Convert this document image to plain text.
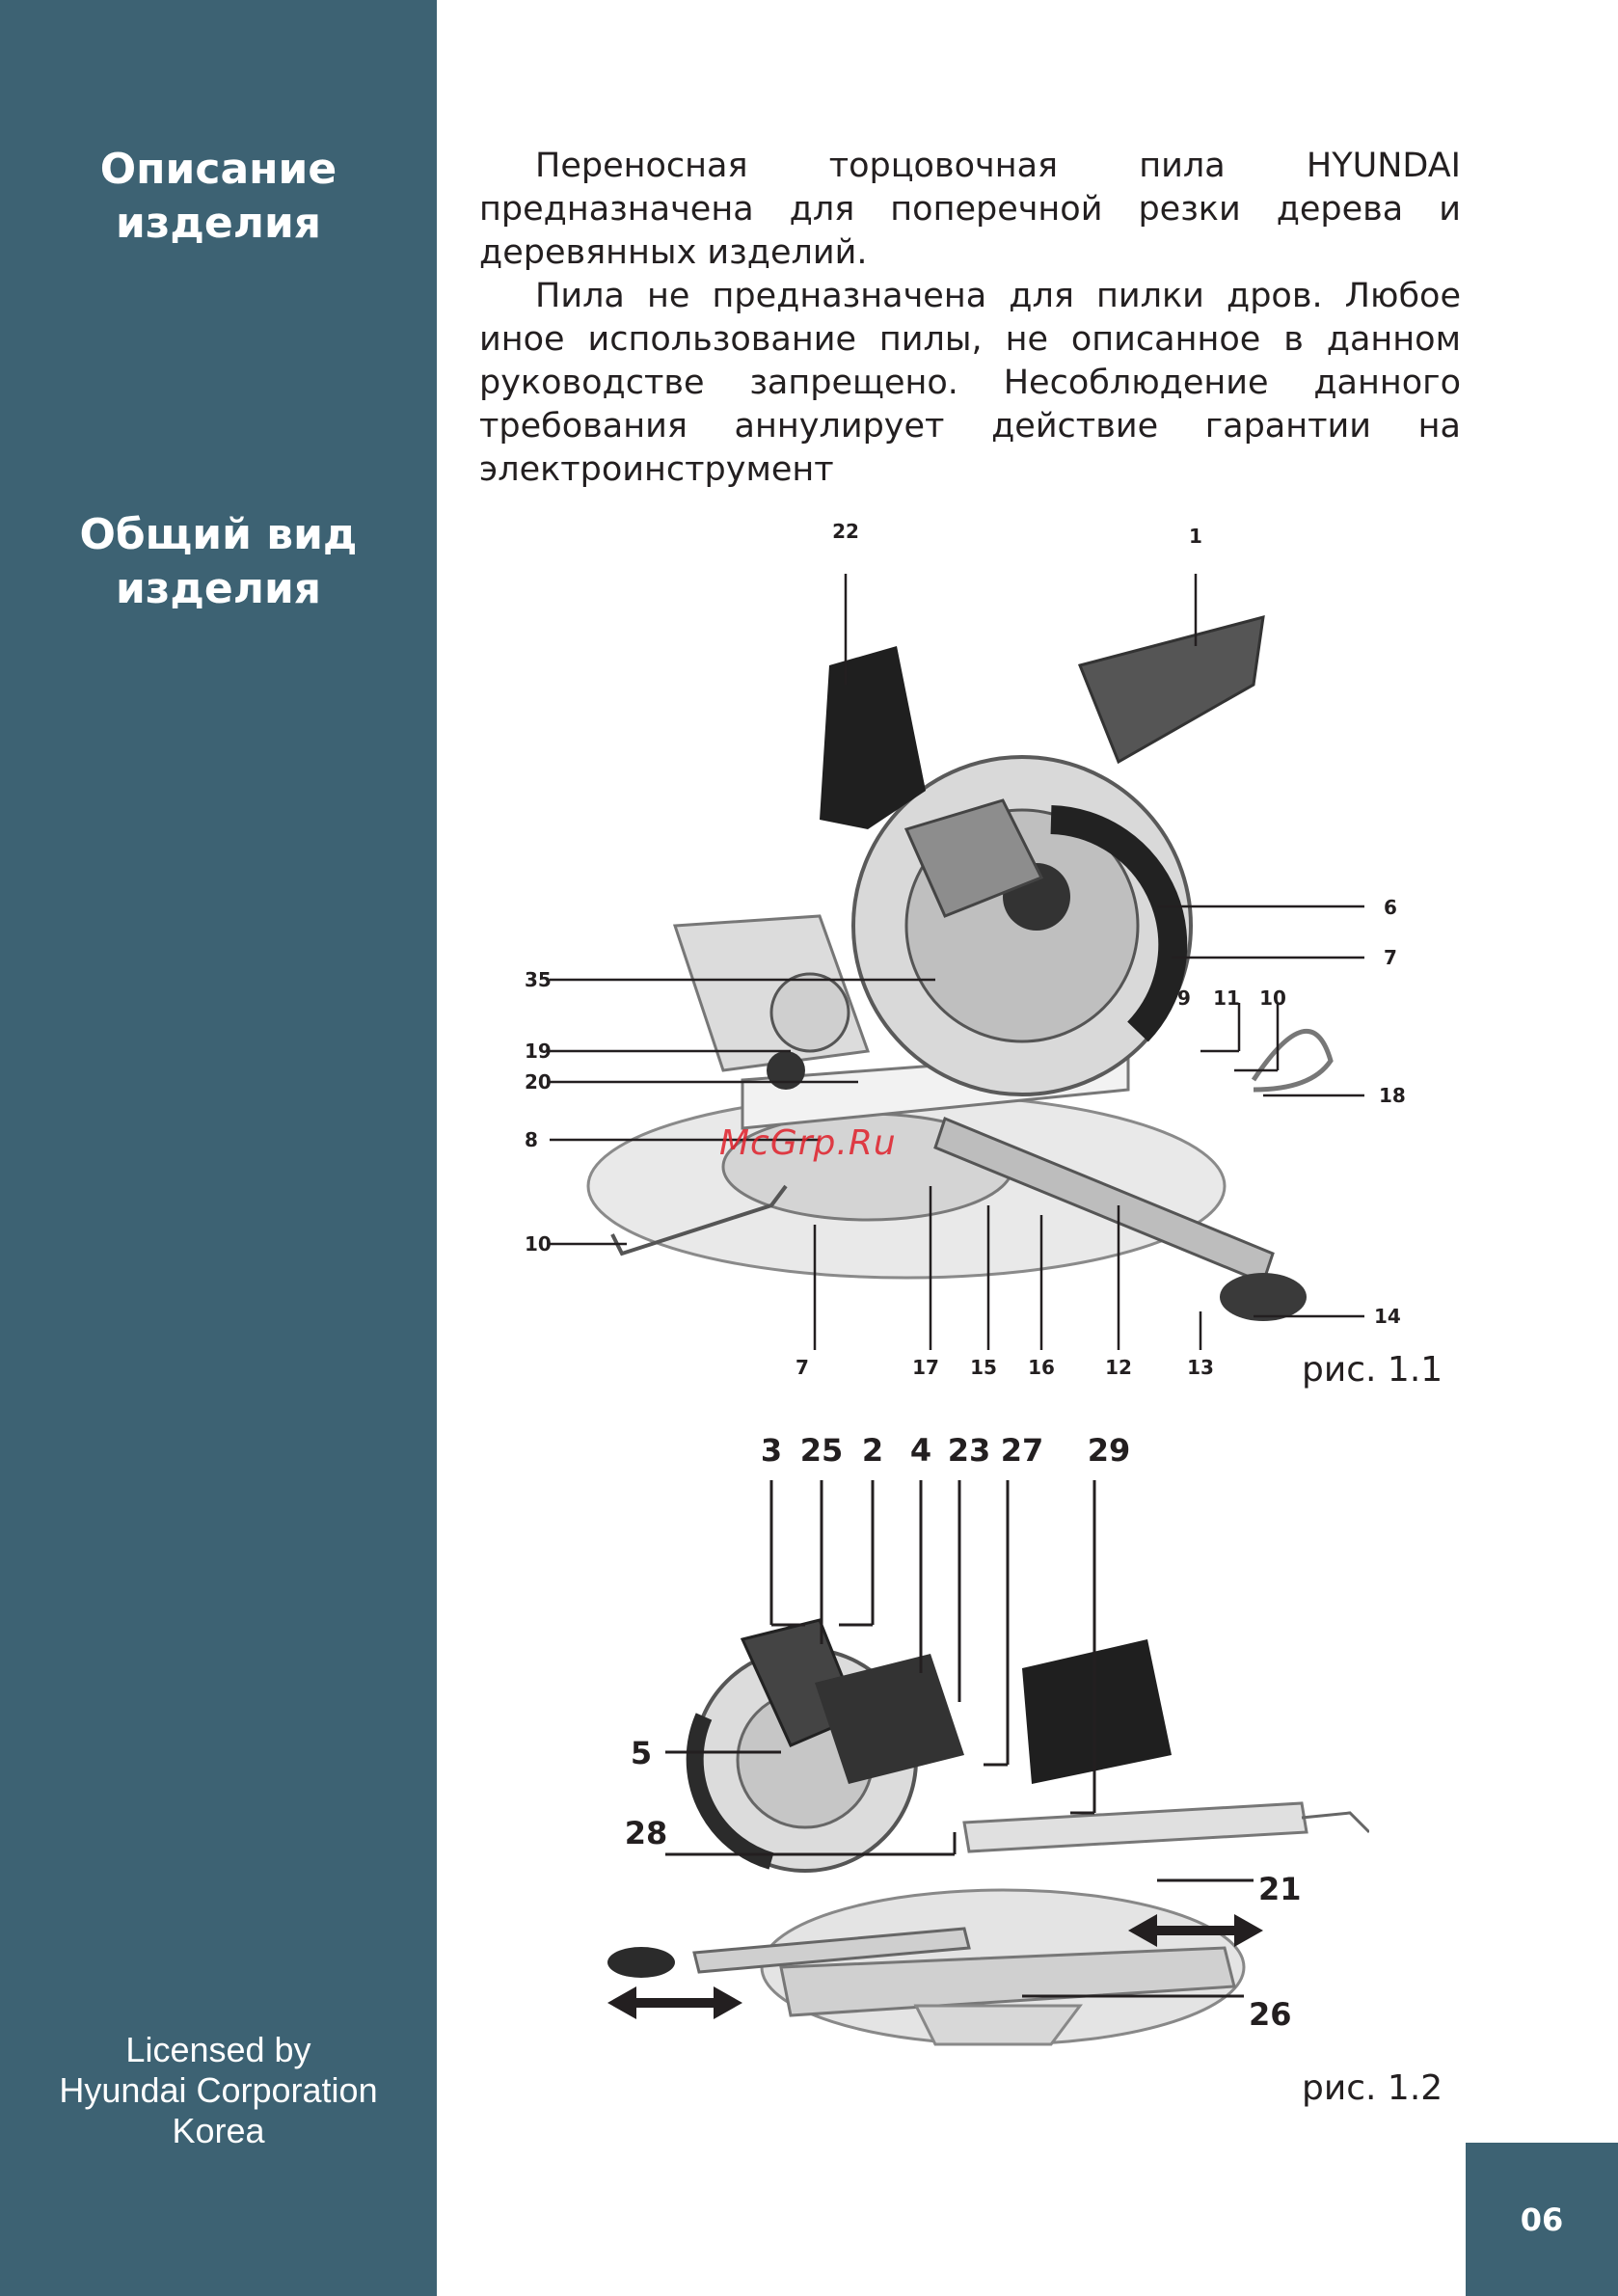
Описание
изделия
Общий вид
изделия
Licensed by
Hyundai Corporation
Korea
06

Переносная торцовочная пила HYUNDAI предназначена для поперечной резки дерева и деревянных изделий.

Пила не предназначена для пилки дров. Любое иное использование пилы, не описанное в данном руководстве запрещено. Несоблюдение данного требования аннулирует действие гарантии на электроинструмент

22	1
6
7
9 11 10
18
35
19
20
8
10
14
7	17 15 16	12	13	рис. 1.1
McGrp.Ru
3 25 2 4 23 27 29
5
28
21
26
рис. 1.2
